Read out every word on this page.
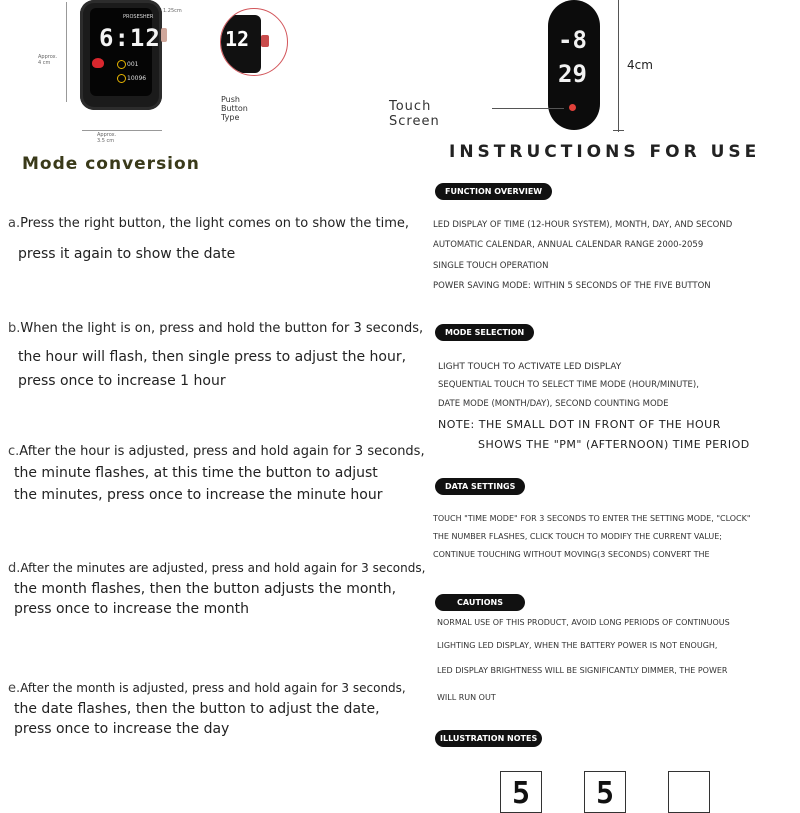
Approx. 4 cm
1.25cm
PROSESHER
6:12
001
10096
Approx. 3.5 cm
12
Push Button Type
-8
29	4cm
Touch Screen
Mode conversion
a.Press the right button, the light comes on to show the time,
press it again to show the date
b.When the light is on, press and hold the button for 3 seconds,
the hour will flash, then single press to adjust the hour,
press once to increase 1 hour
c.After the hour is adjusted, press and hold again for 3 seconds,
the minute flashes, at this time the button to adjust
the minutes, press once to increase the minute hour
d.After the minutes are adjusted, press and hold again for 3 seconds,
the month flashes, then the button adjusts the month,
press once to increase the month
e.After the month is adjusted, press and hold again for 3 seconds,
the date flashes, then the button to adjust the date,
press once to increase the day
INSTRUCTIONS FOR USE
FUNCTION OVERVIEW
LED DISPLAY OF TIME (12-HOUR SYSTEM), MONTH, DAY, AND SECOND
AUTOMATIC CALENDAR, ANNUAL CALENDAR RANGE 2000-2059
SINGLE TOUCH OPERATION
POWER SAVING MODE: WITHIN 5 SECONDS OF THE FIVE BUTTON
MODE SELECTION
LIGHT TOUCH TO ACTIVATE LED DISPLAY
SEQUENTIAL TOUCH TO SELECT TIME MODE (HOUR/MINUTE),
DATE MODE (MONTH/DAY), SECOND COUNTING MODE
NOTE: THE SMALL DOT IN FRONT OF THE HOUR
SHOWS THE "PM" (AFTERNOON) TIME PERIOD
DATA SETTINGS
TOUCH "TIME MODE" FOR 3 SECONDS TO ENTER THE SETTING MODE, "CLOCK"
THE NUMBER FLASHES, CLICK TOUCH TO MODIFY THE CURRENT VALUE;
CONTINUE TOUCHING WITHOUT MOVING(3 SECONDS) CONVERT THE
CAUTIONS
NORMAL USE OF THIS PRODUCT, AVOID LONG PERIODS OF CONTINUOUS
LIGHTING LED DISPLAY, WHEN THE BATTERY POWER IS NOT ENOUGH,
LED DISPLAY BRIGHTNESS WILL BE SIGNIFICANTLY DIMMER, THE POWER
WILL RUN OUT
ILLUSTRATION NOTES
5	5
